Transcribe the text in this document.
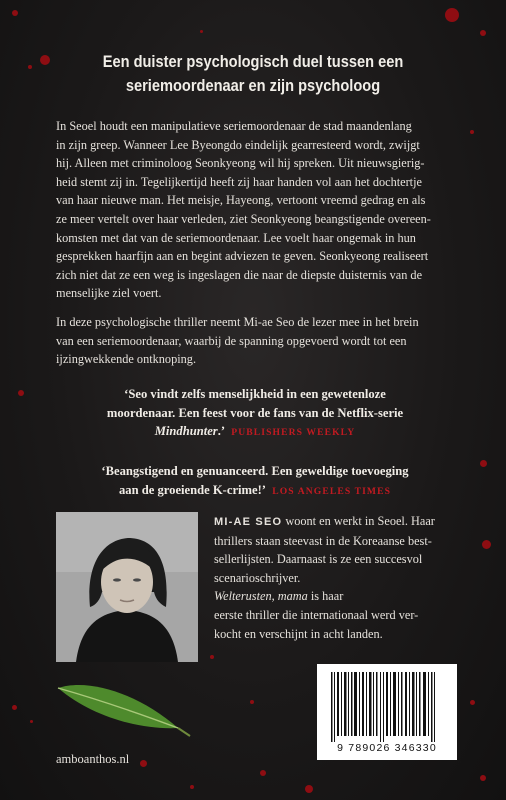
Een duister psychologisch duel tussen een
seriemoordenaar en zijn psycholoog
In Seoel houdt een manipulatieve seriemoordenaar de stad maandenlang
in zijn greep. Wanneer Lee Byeongdo eindelijk gearresteerd wordt, zwijgt
hij. Alleen met criminoloog Seonkyeong wil hij spreken. Uit nieuwsgierig-
heid stemt zij in. Tegelijkertijd heeft zij haar handen vol aan het dochtertje
van haar nieuwe man. Het meisje, Hayeong, vertoont vreemd gedrag en als
ze meer vertelt over haar verleden, ziet Seonkyeong beangstigende overeen-
komsten met dat van de seriemoordenaar. Lee voelt haar ongemak in hun
gesprekken haarfijn aan en begint adviezen te geven. Seonkyeong realiseert
zich niet dat ze een weg is ingeslagen die naar de diepste duisternis van de
menselijke ziel voert.
In deze psychologische thriller neemt Mi-ae Seo de lezer mee in het brein
van een seriemoordenaar, waarbij de spanning opgevoerd wordt tot een
ijzingwekkende ontknoping.
‘Seo vindt zelfs menselijkheid in een gewetenloze
moordenaar. Een feest voor de fans van de Netflix-serie
Mindhunter.’ PUBLISHERS WEEKLY
‘Beangstigend en genuanceerd. Een geweldige toevoeging
aan de groeiende K-crime!’ LOS ANGELES TIMES
MI-AE SEO woont en werkt in Seoel. Haar
thrillers staan steevast in de Koreaanse best-
sellerlijsten. Daarnaast is ze een succesvol
scenarioschrijver.
Welterusten, mama is haar
eerste thriller die internationaal werd ver-
kocht en verschijnt in acht landen.
amboanthos.nl
9 789026 346330
